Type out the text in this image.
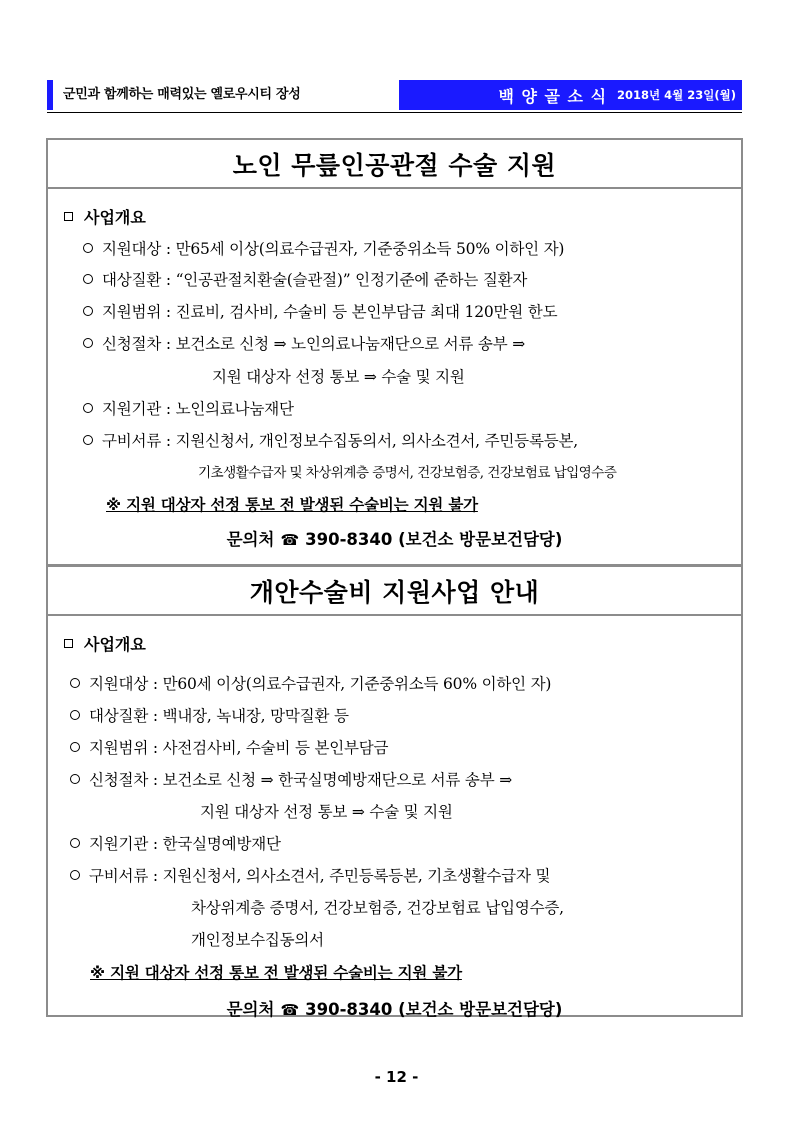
군민과 함께하는 매력있는 옐로우시티 장성	백 양 골 소 식 2018년 4월 23일(월)
노인 무릎인공관절 수술 지원
사업개요
지원대상 : 만65세 이상(의료수급권자, 기준중위소득 50% 이하인 자)
대상질환 : “인공관절치환술(슬관절)” 인정기준에 준하는 질환자
지원범위 : 진료비, 검사비, 수술비 등 본인부담금 최대 120만원 한도
신청절차 : 보건소로 신청 ⇒ 노인의료나눔재단으로 서류 송부 ⇒
지원 대상자 선정 통보 ⇒ 수술 및 지원
지원기관 : 노인의료나눔재단
구비서류 : 지원신청서, 개인정보수집동의서, 의사소견서, 주민등록등본,
기초생활수급자 및 차상위계층 증명서, 건강보험증, 건강보험료 납입영수증
※ 지원 대상자 선정 통보 전 발생된 수술비는 지원 불가
문의처 ☎ 390-8340 (보건소 방문보건담당)
개안수술비 지원사업 안내
사업개요
지원대상 : 만60세 이상(의료수급권자, 기준중위소득 60% 이하인 자)
대상질환 : 백내장, 녹내장, 망막질환 등
지원범위 : 사전검사비, 수술비 등 본인부담금
신청절차 : 보건소로 신청 ⇒ 한국실명예방재단으로 서류 송부 ⇒
지원 대상자 선정 통보 ⇒ 수술 및 지원
지원기관 : 한국실명예방재단
구비서류 : 지원신청서, 의사소견서, 주민등록등본, 기초생활수급자 및
차상위계층 증명서, 건강보험증, 건강보험료 납입영수증,
개인정보수집동의서
※ 지원 대상자 선정 통보 전 발생된 수술비는 지원 불가
문의처 ☎ 390-8340 (보건소 방문보건담당)
- 12 -
